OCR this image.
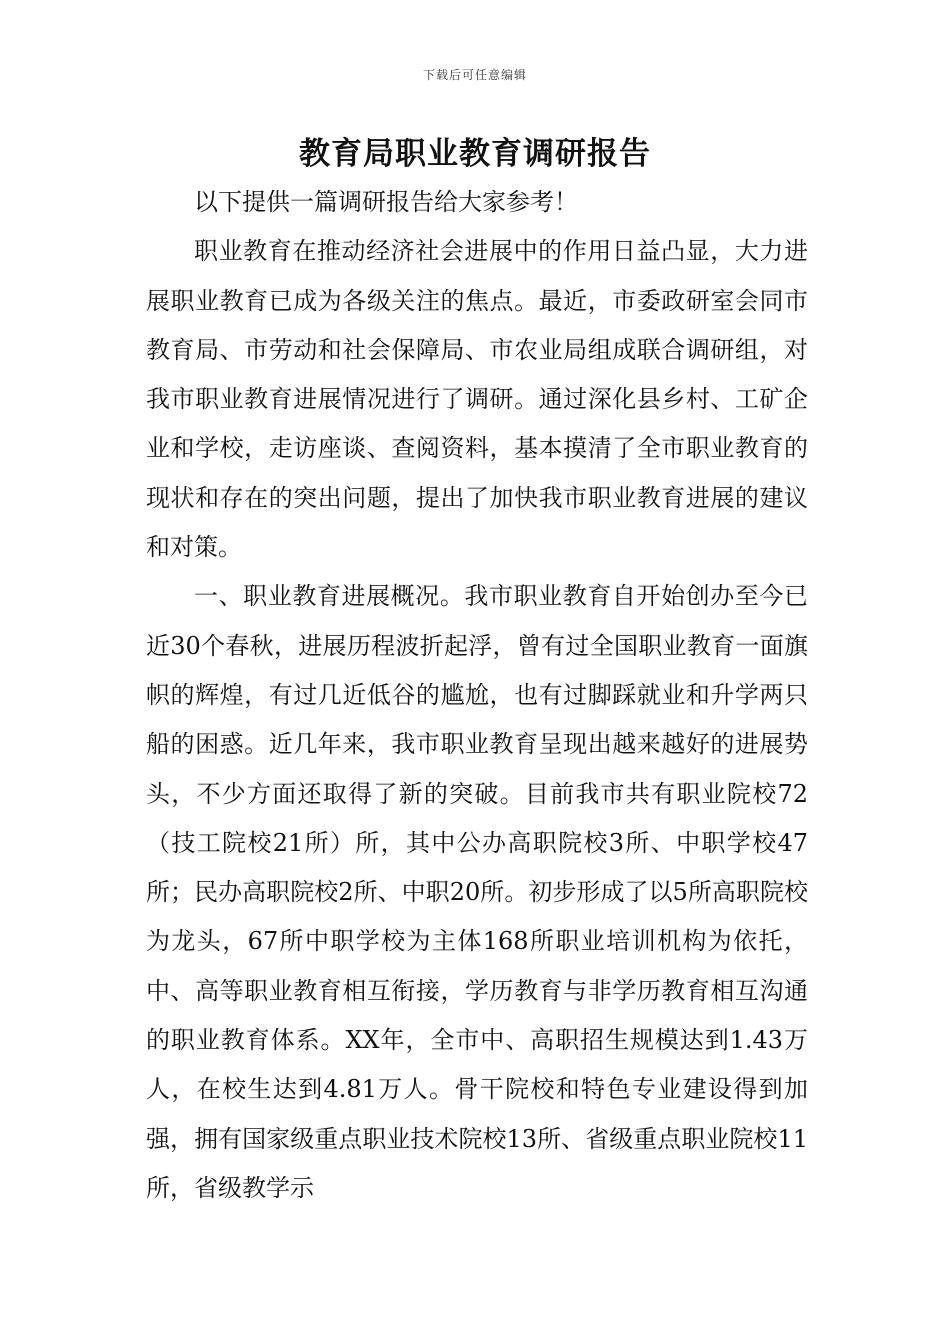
下载后可任意编辑
教育局职业教育调研报告

以下提供一篇调研报告给大家参考！

职业教育在推动经济社会进展中的作用日益凸显，大力进展职业教育已成为各级关注的焦点。最近，市委政研室会同市教育局、市劳动和社会保障局、市农业局组成联合调研组，对我市职业教育进展情况进行了调研。通过深化县乡村、工矿企业和学校，走访座谈、查阅资料，基本摸清了全市职业教育的现状和存在的突出问题，提出了加快我市职业教育进展的建议和对策。

一、职业教育进展概况。我市职业教育自开始创办至今已近30个春秋，进展历程波折起浮，曾有过全国职业教育一面旗帜的辉煌，有过几近低谷的尴尬，也有过脚踩就业和升学两只船的困惑。近几年来，我市职业教育呈现出越来越好的进展势头，不少方面还取得了新的突破。目前我市共有职业院校72（技工院校21所）所，其中公办高职院校3所、中职学校47所；民办高职院校2所、中职20所。初步形成了以5所高职院校为龙头，67所中职学校为主体168所职业培训机构为依托，中、高等职业教育相互衔接，学历教育与非学历教育相互沟通的职业教育体系。XX年，全市中、高职招生规模达到1.43万人，在校生达到4.81万人。骨干院校和特色专业建设得到加强，拥有国家级重点职业技术院校13所、省级重点职业院校11所，省级教学示
